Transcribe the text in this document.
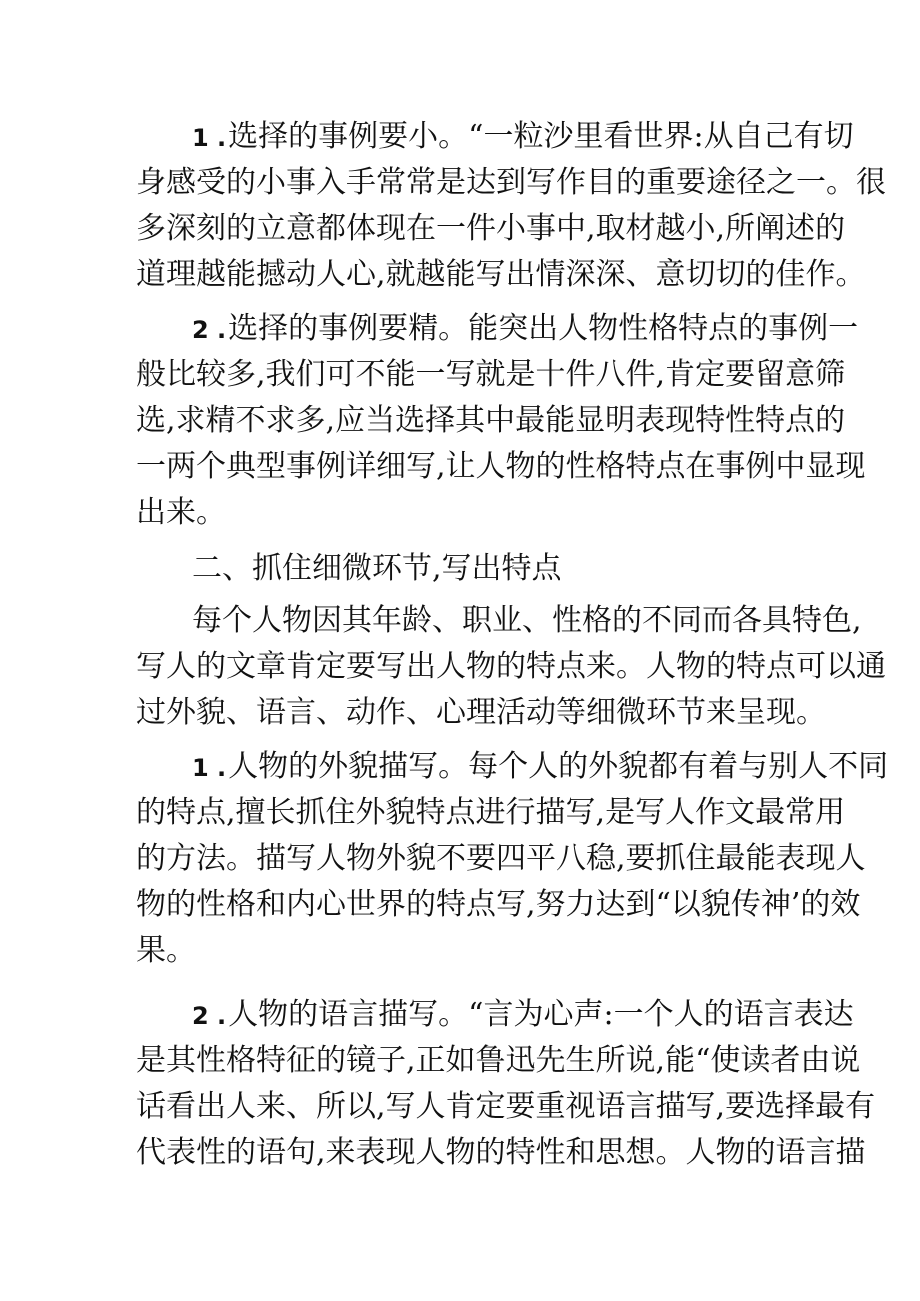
1 .选择的事例要小。“一粒沙里看世界:从自己有切
身感受的小事入手常常是达到写作目的重要途径之一。很
多深刻的立意都体现在一件小事中,取材越小,所阐述的
道理越能撼动人心,就越能写出情深深、意切切的佳作。
2 .选择的事例要精。能突出人物性格特点的事例一
般比较多,我们可不能一写就是十件八件,肯定要留意筛
选,求精不求多,应当选择其中最能显明表现特性特点的
一两个典型事例详细写,让人物的性格特点在事例中显现
出来。
二、抓住细微环节,写出特点
每个人物因其年龄、职业、性格的不同而各具特色,
写人的文章肯定要写出人物的特点来。人物的特点可以通
过外貌、语言、动作、心理活动等细微环节来呈现。
1 .人物的外貌描写。每个人的外貌都有着与别人不同
的特点,擅长抓住外貌特点进行描写,是写人作文最常用
的方法。描写人物外貌不要四平八稳,要抓住最能表现人
物的性格和内心世界的特点写,努力达到“以貌传神’的效
果。
2 .人物的语言描写。“言为心声:一个人的语言表达
是其性格特征的镜子,正如鲁迅先生所说,能“使读者由说
话看出人来、所以,写人肯定要重视语言描写,要选择最有
代表性的语句,来表现人物的特性和思想。人物的语言描
